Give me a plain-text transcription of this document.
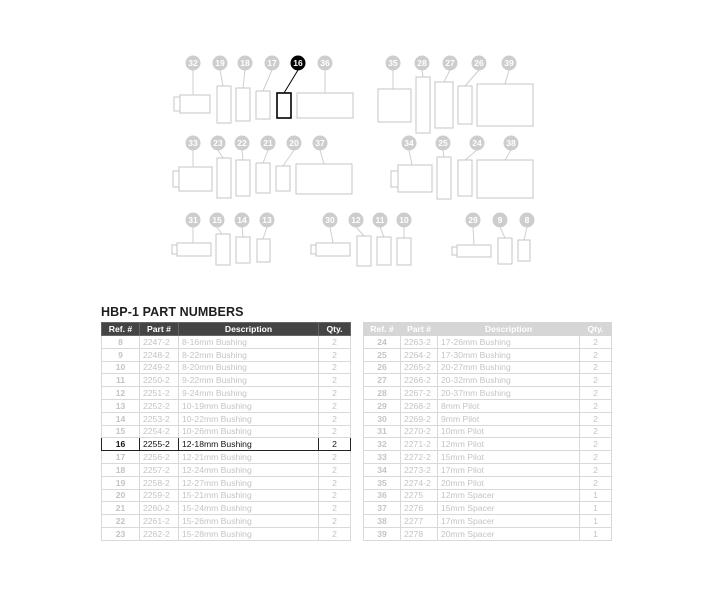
32 19 18 17 16 36	35 28 27 26 39
33 23 22 21 20 37	34	25	24	38
31 15 14 13	30 12 11 10	29 9	8
HBP-1 PART NUMBERS
Ref. #	Part #	Description	Qty.
8	2247-2	8-16mm Bushing	2
9	2248-2	8-22mm Bushing	2
10	2249-2	8-20mm Bushing	2
11	2250-2	9-22mm Bushing	2
12	2251-2	9-24mm Bushing	2
13	2252-2	10-19mm Bushing	2
14	2253-2	10-22mm Bushing	2
15	2254-2	10-26mm Bushing	2
16	2255-2	12-18mm Bushing	2
17	2256-2	12-21mm Bushing	2
18	2257-2	12-24mm Bushing	2
19	2258-2	12-27mm Bushing	2
20	2259-2	15-21mm Bushing	2
21	2260-2	15-24mm Bushing	2
22	2261-2	15-26mm Bushing	2
23	2262-2	15-28mm Bushing	2
Ref. #	Part #	Description	Qty.
24	2263-2	17-26mm Bushing	2
25	2264-2	17-30mm Bushing	2
26	2265-2	20-27mm Bushing	2
27	2266-2	20-32mm Bushing	2
28	2267-2	20-37mm Bushing	2
29	2268-2	8mm Pilot	2
30	2269-2	9mm Pilot	2
31	2270-2	10mm Pilot	2
32	2271-2	12mm Pilot	2
33	2272-2	15mm Pilot	2
34	2273-2	17mm Pilot	2
35	2274-2	20mm Pilot	2
36	2275	12mm Spacer	1
37	2276	15mm Spacer	1
38	2277	17mm Spacer	1
39	2278	20mm Spacer	1
